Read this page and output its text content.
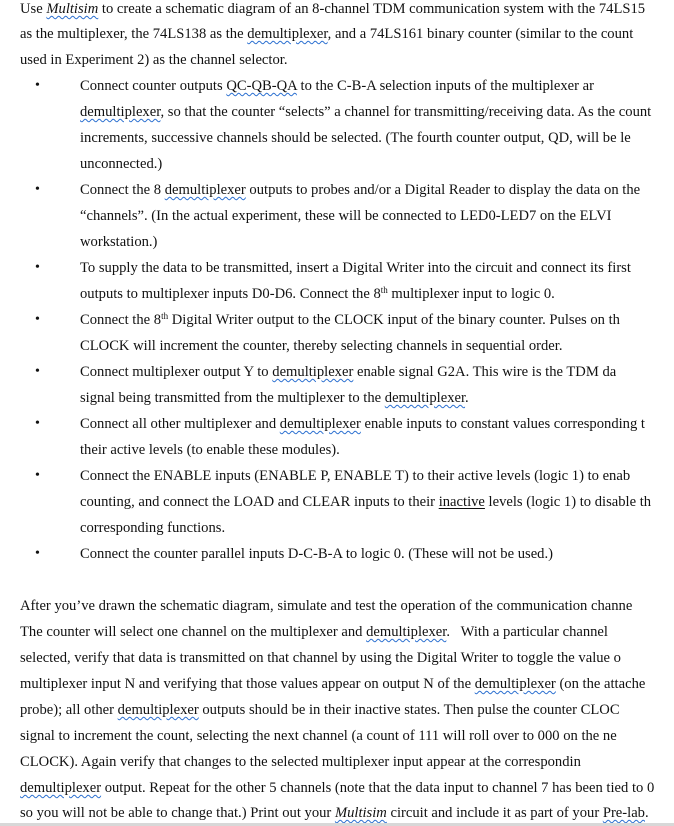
Use Multisim to create a schematic diagram of an 8-channel TDM communication system with the 74LS15
as the multiplexer, the 74LS138 as the demultiplexer, and a 74LS161 binary counter (similar to the count
used in Experiment 2) as the channel selector.
•	Connect counter outputs QC-QB-QA to the C-B-A selection inputs of the multiplexer ar
demultiplexer, so that the counter “selects” a channel for transmitting/receiving data. As the count
increments, successive channels should be selected. (The fourth counter output, QD, will be le
unconnected.)
•	Connect the 8 demultiplexer outputs to probes and/or a Digital Reader to display the data on the
“channels”. (In the actual experiment, these will be connected to LED0-LED7 on the ELVI
workstation.)
•	To supply the data to be transmitted, insert a Digital Writer into the circuit and connect its first
outputs to multiplexer inputs D0-D6. Connect the 8th multiplexer input to logic 0.
•	Connect the 8th Digital Writer output to the CLOCK input of the binary counter. Pulses on th
CLOCK will increment the counter, thereby selecting channels in sequential order.
•	Connect multiplexer output Y to demultiplexer enable signal G2A. This wire is the TDM da
signal being transmitted from the multiplexer to the demultiplexer.
•	Connect all other multiplexer and demultiplexer enable inputs to constant values corresponding t
their active levels (to enable these modules).
•	Connect the ENABLE inputs (ENABLE P, ENABLE T) to their active levels (logic 1) to enab
counting, and connect the LOAD and CLEAR inputs to their inactive levels (logic 1) to disable th
corresponding functions.
•	Connect the counter parallel inputs D-C-B-A to logic 0. (These will not be used.)
After you’ve drawn the schematic diagram, simulate and test the operation of the communication channe
The counter will select one channel on the multiplexer and demultiplexer.   With a particular channel
selected, verify that data is transmitted on that channel by using the Digital Writer to toggle the value o
multiplexer input N and verifying that those values appear on output N of the demultiplexer (on the attache
probe); all other demultiplexer outputs should be in their inactive states. Then pulse the counter CLOC
signal to increment the count, selecting the next channel (a count of 111 will roll over to 000 on the ne
CLOCK). Again verify that changes to the selected multiplexer input appear at the correspondin
demultiplexer output. Repeat for the other 5 channels (note that the data input to channel 7 has been tied to 0
so you will not be able to change that.) Print out your Multisim circuit and include it as part of your Pre-lab.
